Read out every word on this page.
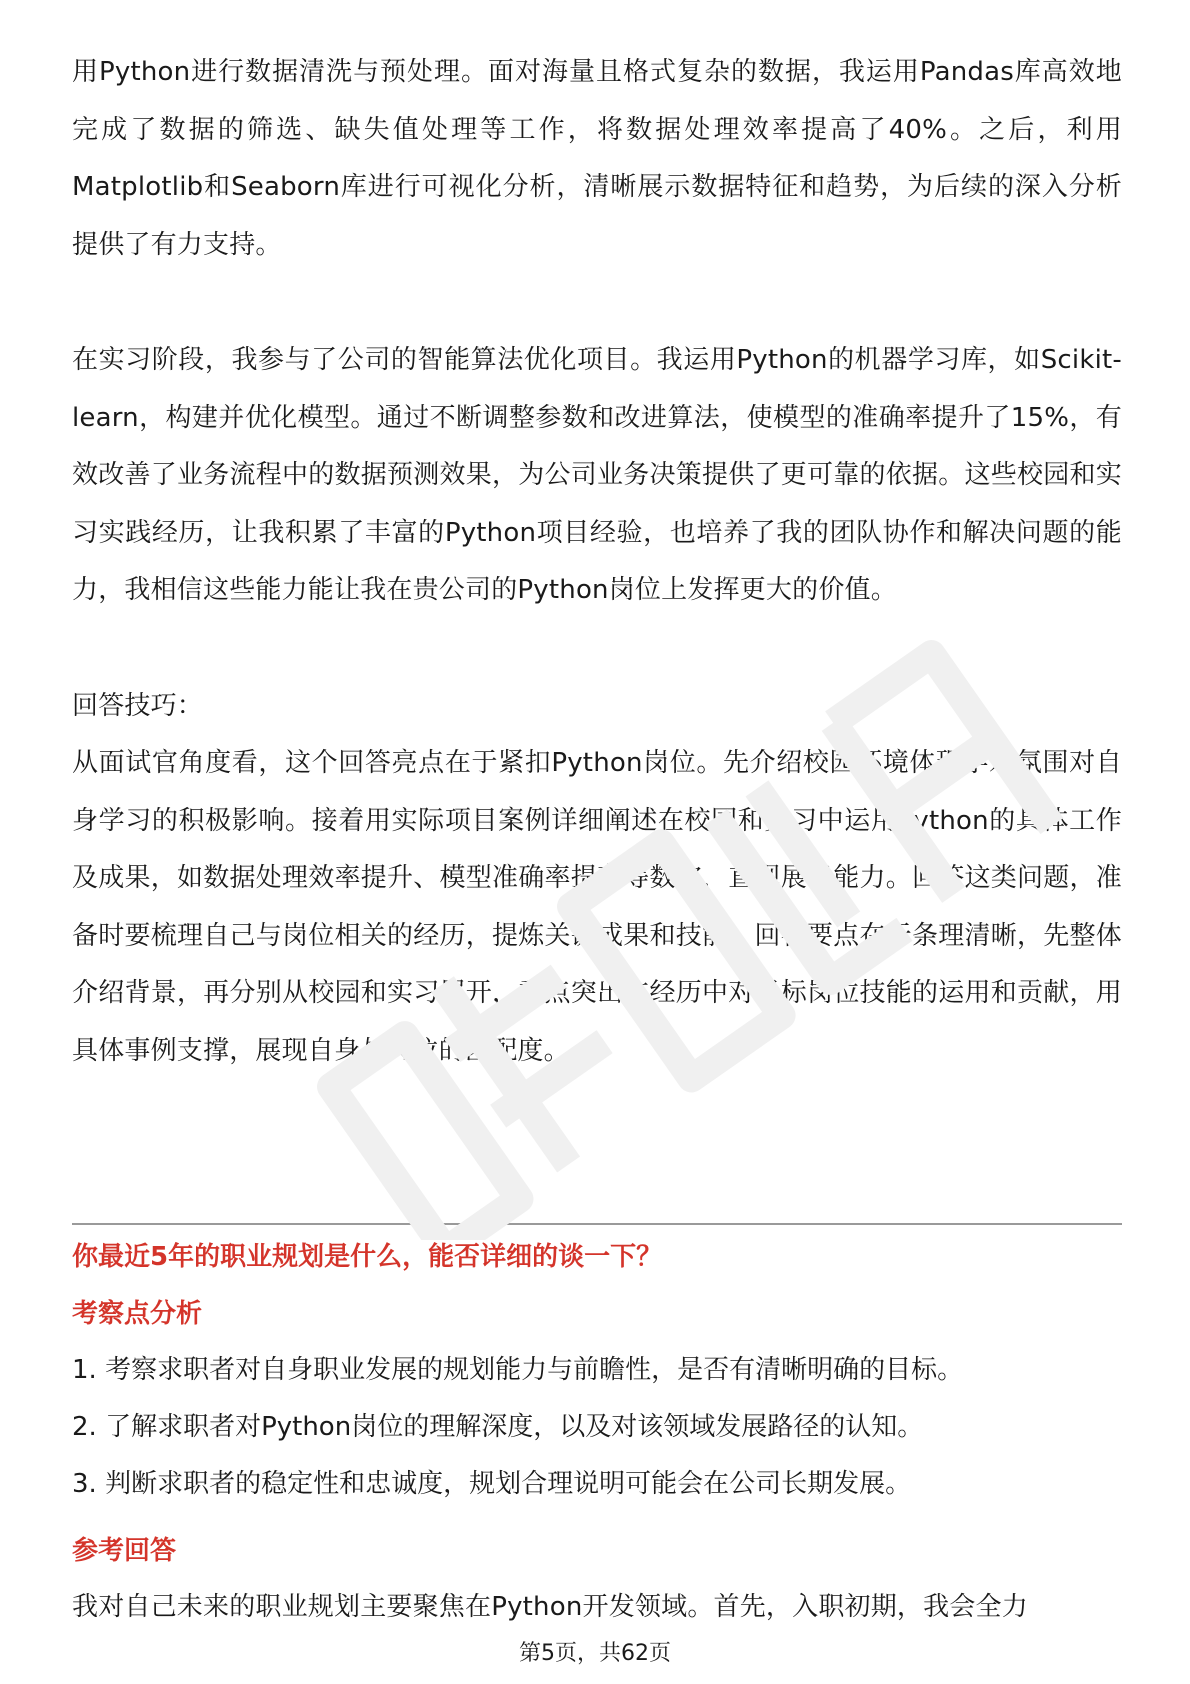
用Python进行数据清洗与预处理。面对海量且格式复杂的数据，我运用Pandas库高效地完成了数据的筛选、缺失值处理等工作，将数据处理效率提高了40%。之后，利用Matplotlib和Seaborn库进行可视化分析，清晰展示数据特征和趋势，为后续的深入分析提供了有力支持。

在实习阶段，我参与了公司的智能算法优化项目。我运用Python的机器学习库，如Scikit-learn，构建并优化模型。通过不断调整参数和改进算法，使模型的准确率提升了15%，有效改善了业务流程中的数据预测效果，为公司业务决策提供了更可靠的依据。这些校园和实习实践经历，让我积累了丰富的Python项目经验，也培养了我的团队协作和解决问题的能力，我相信这些能力能让我在贵公司的Python岗位上发挥更大的价值。

回答技巧：

从面试官角度看，这个回答亮点在于紧扣Python岗位。先介绍校园环境体现学术氛围对自身学习的积极影响。接着用实际项目案例详细阐述在校园和实习中运用Python的具体工作及成果，如数据处理效率提升、模型准确率提高等数字，直观展示能力。回答这类问题，准备时要梳理自己与岗位相关的经历，提炼关键成果和技能。回答要点在于条理清晰，先整体介绍背景，再分别从校园和实习展开，重点突出在经历中对目标岗位技能的运用和贡献，用具体事例支撑，展现自身与岗位的匹配度。

你最近5年的职业规划是什么，能否详细的谈一下？

考察点分析

1. 考察求职者对自身职业发展的规划能力与前瞻性，是否有清晰明确的目标。

2. 了解求职者对Python岗位的理解深度，以及对该领域发展路径的认知。

3. 判断求职者的稳定性和忠诚度，规划合理说明可能会在公司长期发展。

参考回答

我对自己未来的职业规划主要聚焦在Python开发领域。首先，入职初期，我会全力

第5页，共62页
